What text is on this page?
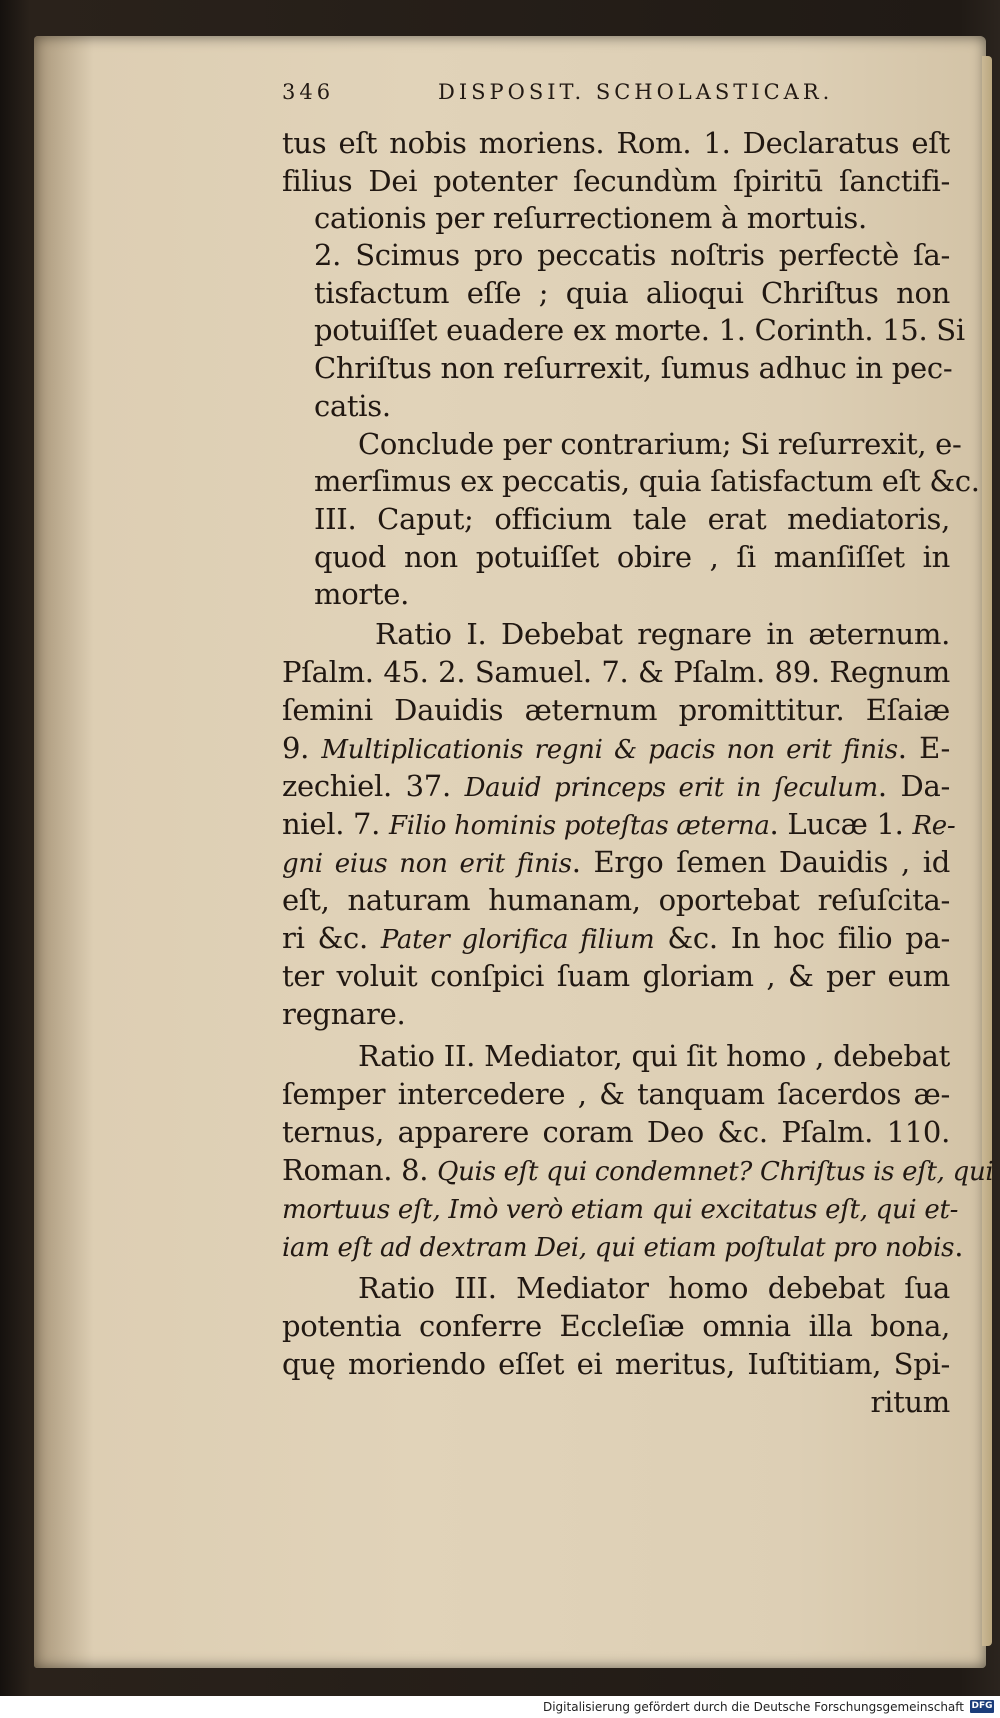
346	DISPOSIT. SCHOLASTICAR.
tus eſt nobis moriens. Rom. 1. Declaratus eſt
filius Dei potenter ſecundùm ſpiritū ſanctifi-
cationis per reſurrectionem à mortuis.
2. Scimus pro peccatis noſtris perfectè ſa-
tisfactum eſſe ; quia alioqui Chriſtus non
potuiſſet euadere ex morte. 1. Corinth. 15. Si
Chriſtus non reſurrexit, ſumus adhuc in pec-
catis.
Conclude per contrarium; Si reſurrexit, e-
merſimus ex peccatis, quia ſatisfactum eſt &c.
III. Caput; officium tale erat mediatoris,
quod non potuiſſet obire , ſi manſiſſet in
morte.
Ratio I. Debebat regnare in æternum.
Pſalm. 45. 2. Samuel. 7. & Pſalm. 89. Regnum
ſemini Dauidis æternum promittitur. Eſaiæ
9. Multiplicationis regni & pacis non erit finis. E-
zechiel. 37. Dauid princeps erit in ſeculum. Da-
niel. 7. Filio hominis poteſtas æterna. Lucæ 1. Re-
gni eius non erit finis. Ergo ſemen Dauidis , id
eſt, naturam humanam, oportebat reſuſcita-
ri &c. Pater glorifica filium &c. In hoc filio pa-
ter voluit conſpici ſuam gloriam , & per eum
regnare.
Ratio II. Mediator, qui ſit homo , debebat
ſemper intercedere , & tanquam ſacerdos æ-
ternus, apparere coram Deo &c. Pſalm. 110.
Roman. 8. Quis eſt qui condemnet? Chriſtus is eſt, qui
mortuus eſt, Imò verò etiam qui excitatus eſt, qui et-
iam eſt ad dextram Dei, qui etiam poſtulat pro nobis.
Ratio III. Mediator homo debebat ſua
potentia conferre Eccleſiæ omnia illa bona,
quę moriendo eſſet ei meritus, Iuſtitiam, Spi-
ritum
Digitalisierung gefördert durch die Deutsche Forschungsgemeinschaft DFG
